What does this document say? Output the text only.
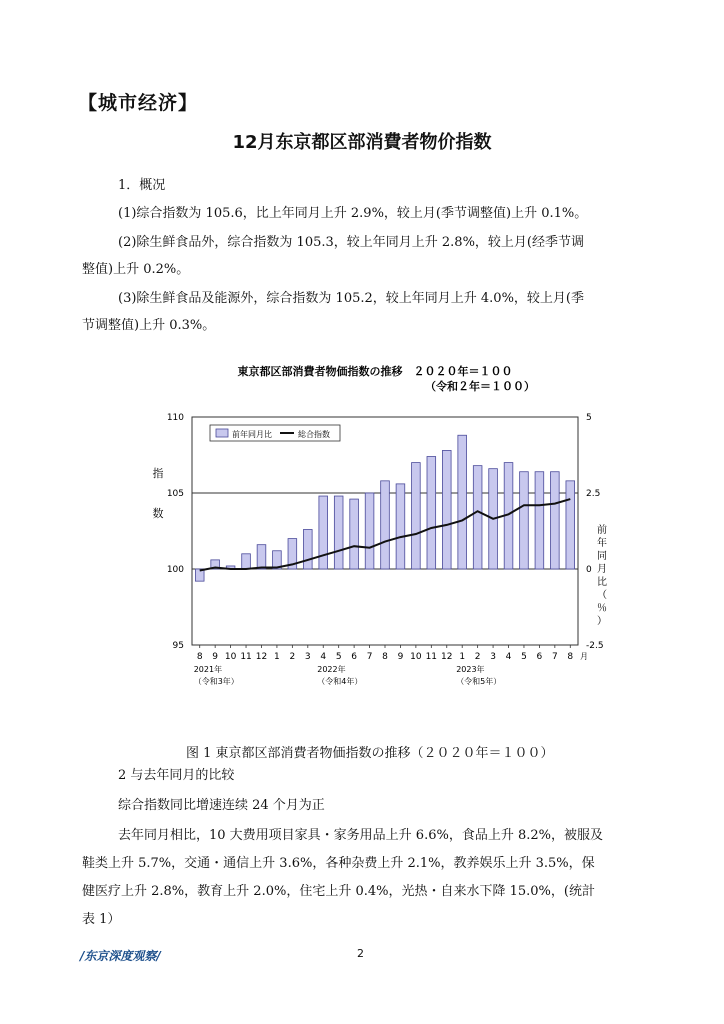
【城市经济】
12月东京都区部消費者物价指数
1．概况
(1)综合指数为 105.6，比上年同月上升 2.9%，较上月(季节调整值)上升 0.1%。
(2)除生鲜食品外，综合指数为 105.3，较上年同月上升 2.8%，较上月(经季节调
整值)上升 0.2%。
(3)除生鲜食品及能源外，综合指数为 105.2，较上年同月上升 4.0%，较上月(季
节调整值)上升 0.3%。
東京都区部消費者物価指数の推移　２０２０年＝１００
（令和２年＝１００）
前年同月比	総合指数
110
105
100
95
5
2.5
0
-2.5
指
数
前
年
同
月
比
（
％
）
8 9 10 11 12 1 2 3 4 5 6 7 8 9 10 11 12 1 2 3 4 5 6 7 8 月
2021年
（令和3年）
2022年
（令和4年）
2023年
（令和5年）
图 1 東京都区部消費者物価指数の推移（２０２０年＝１００）
2 与去年同月的比较
综合指数同比增速连续 24 个月为正
去年同月相比，10 大费用项目家具・家务用品上升 6.6%，食品上升 8.2%，被服及
鞋类上升 5.7%，交通・通信上升 3.6%，各种杂费上升 2.1%，教养娱乐上升 3.5%，保
健医疗上升 2.8%，教育上升 2.0%，住宅上升 0.4%，光热・自来水下降 15.0%，(统計
表 1）
/东京深度观察/	2
